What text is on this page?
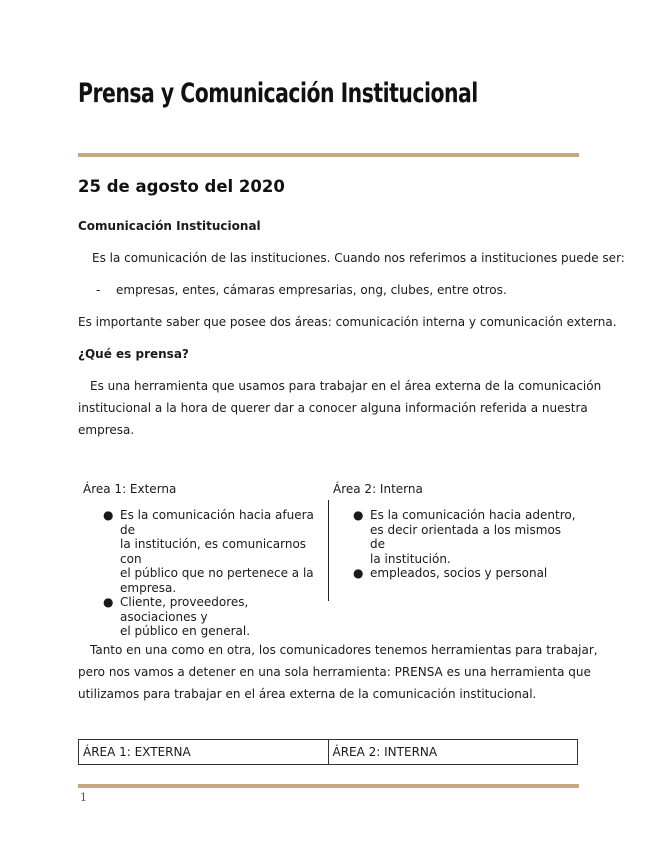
Prensa y Comunicación Institucional
25 de agosto del 2020

Comunicación Institucional

Es la comunicación de las instituciones. Cuando nos referimos a instituciones puede ser:

- empresas, entes, cámaras empresarias, ong, clubes, entre otros.

Es importante saber que posee dos áreas: comunicación interna y comunicación externa.

¿Qué es prensa?

Es una herramienta que usamos para trabajar en el área externa de la comunicación
institucional a la hora de querer dar a conocer alguna información referida a nuestra
empresa.

Área 1: Externa	Área 2: Interna

● Es la comunicación hacia afuera de
la institución, es comunicarnos con
el público que no pertenece a la
empresa.
● Cliente, proveedores, asociaciones y
el público en general.
● Es la comunicación hacia adentro,
es decir orientada a los mismos de
la institución.
● empleados, socios y personal
Tanto en una como en otra, los comunicadores tenemos herramientas para trabajar,
pero nos vamos a detener en una sola herramienta: PRENSA es una herramienta que
utilizamos para trabajar en el área externa de la comunicación institucional.
ÁREA 1: EXTERNA	ÁREA 2: INTERNA
1
